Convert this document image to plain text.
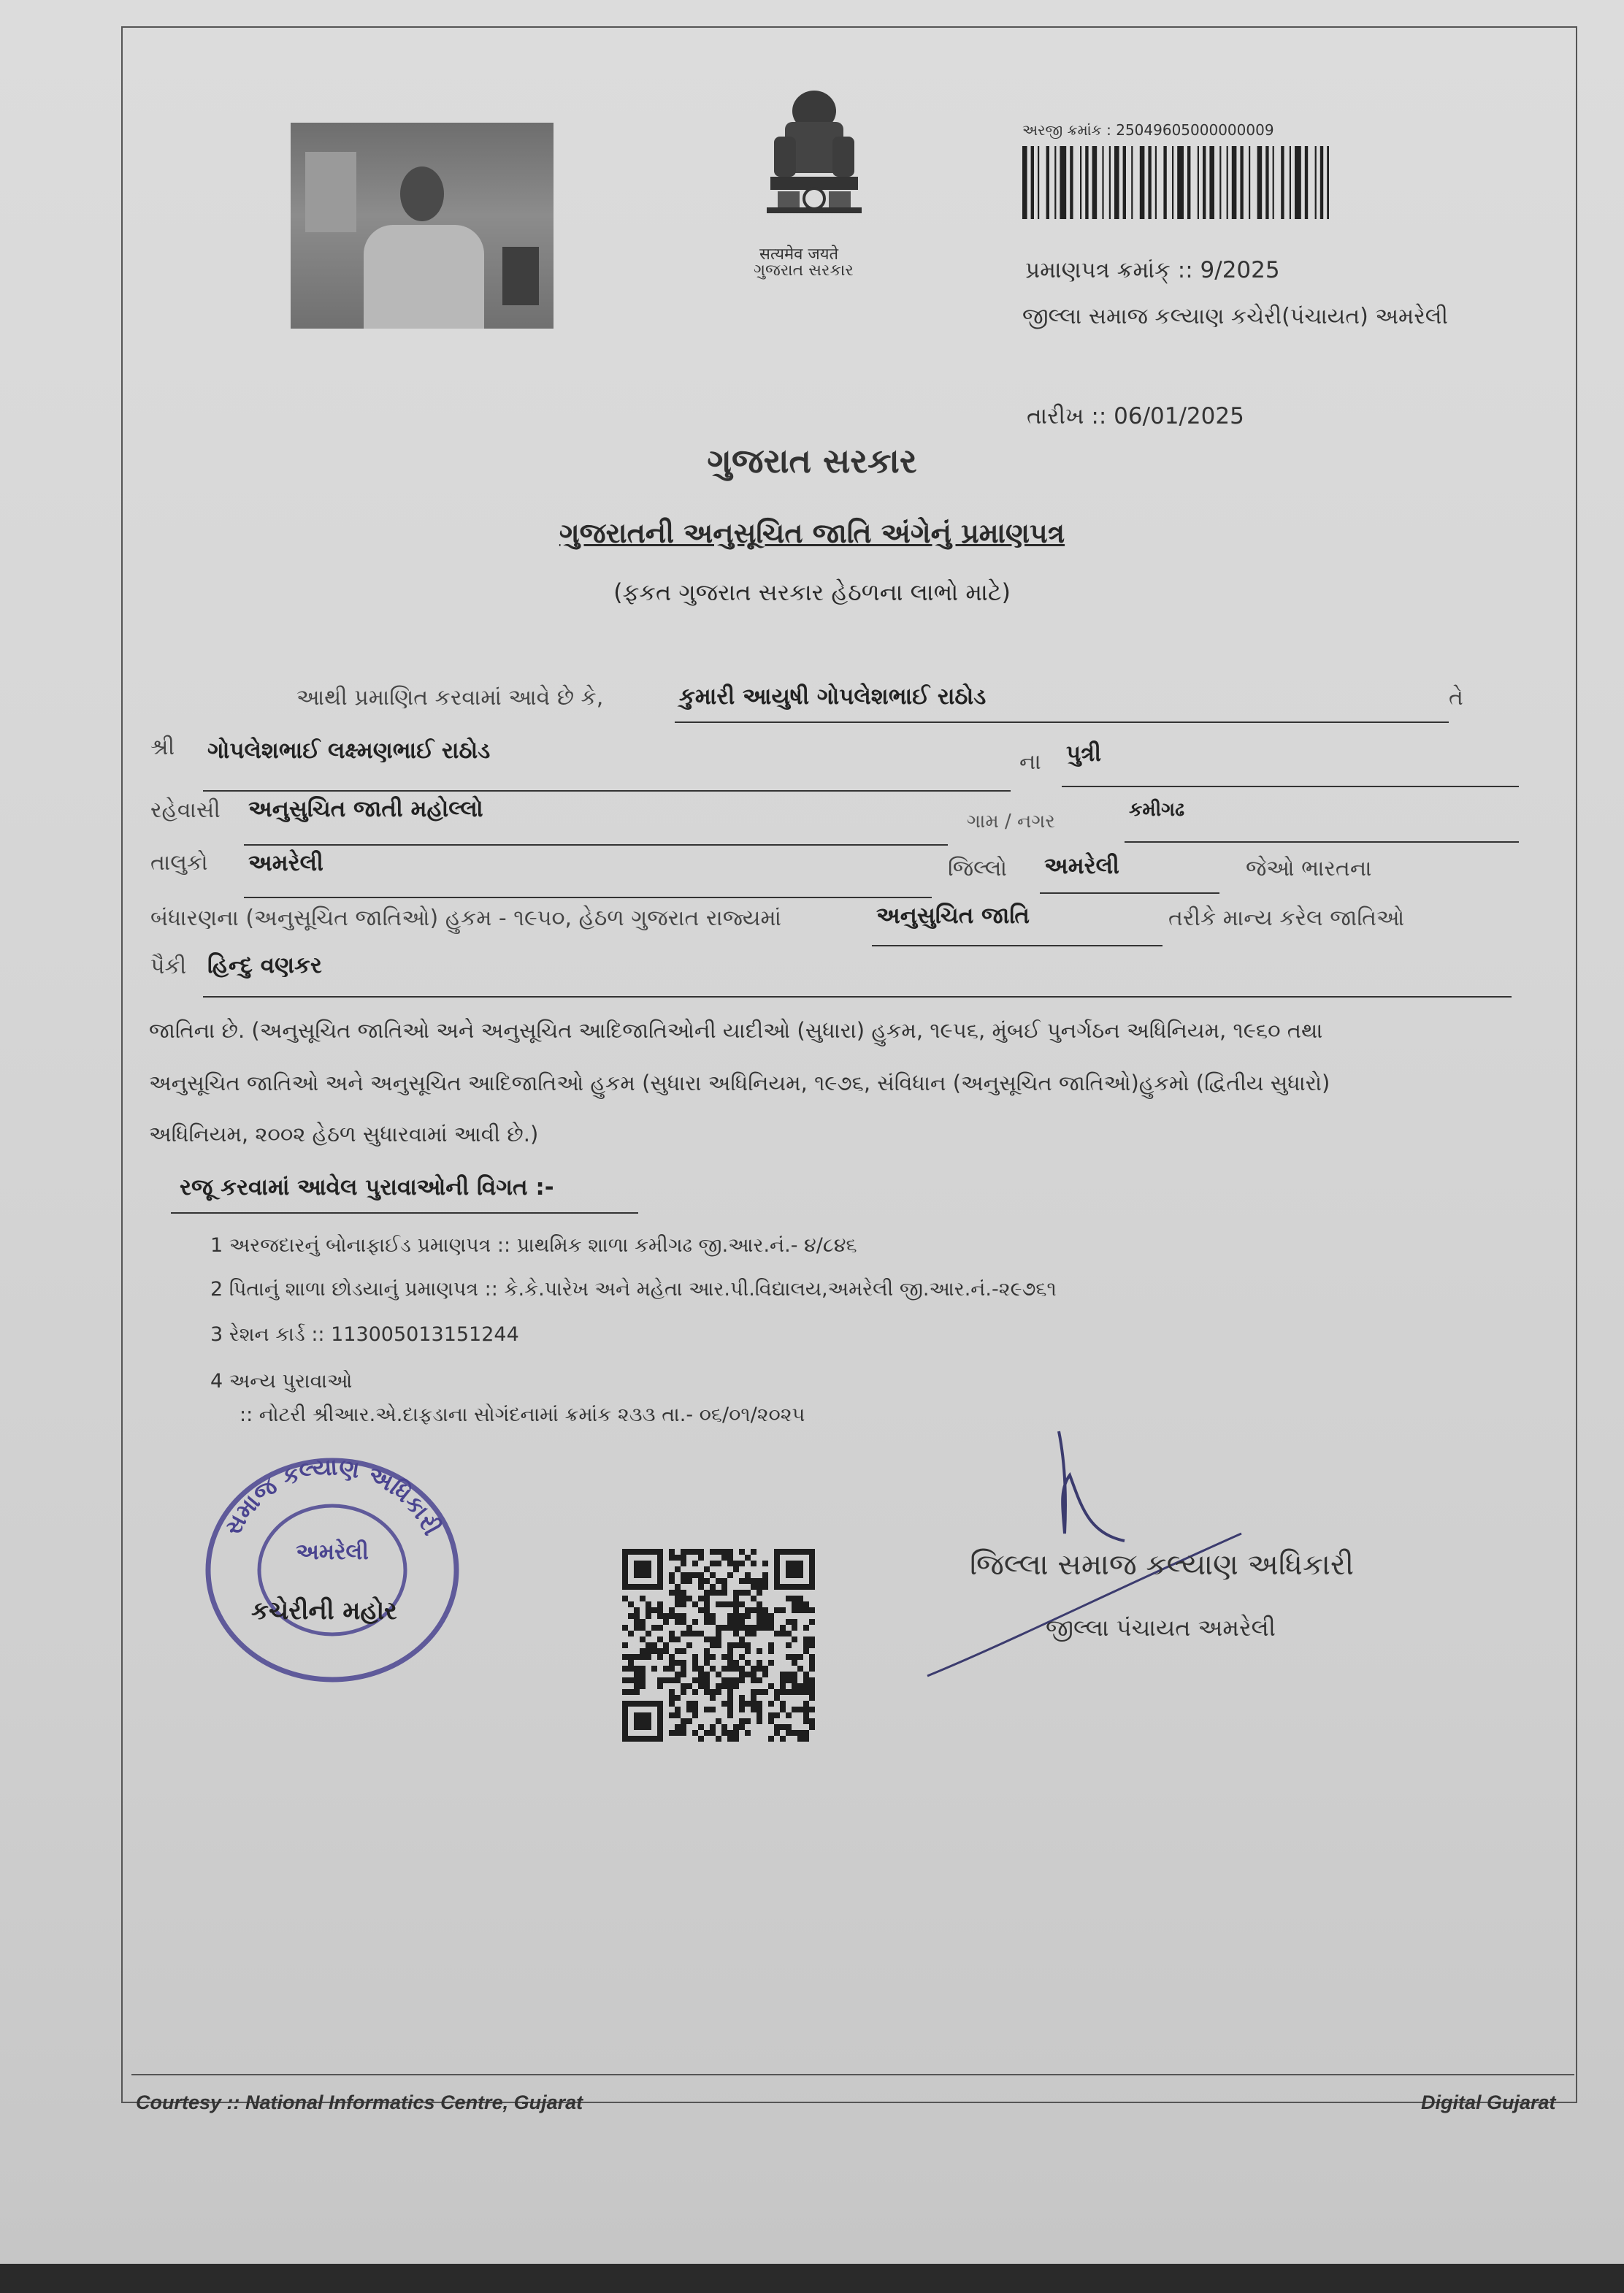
सत्यमेव जयते
ગુજરાત સરકાર
અરજી ક્રમાંક : 25049605000000009
પ્રમાણપત્ર ક્રમાંક્ :: 9/2025
જીલ્લા સમાજ કલ્યાણ કચેરી(પંચાયત) અમરેલી
તારીખ :: 06/01/2025
ગુજરાત સરકાર
ગુજરાતની અનુસૂચિત જાતિ અંગેનું પ્રમાણપત્ર
(ફકત ગુજરાત સરકાર હેઠળના લાભો માટે)
આથી પ્રમાણિત કરવામાં આવે છે કે,	કુમારી આયુષી ગોપલેશભાઈ રાઠોડ	તે
શ્રી ગોપલેશભાઈ લક્ષ્મણભાઈ રાઠોડ	ના પુત્રી
રહેવાસી અનુસુચિત જાતી મહોલ્લો	ગામ / નગર
કમીગઢ
તાલુકો અમરેલી	જિલ્લો અમરેલી	જેઓ ભારતના
બંધારણના (અનુસૂચિત જાતિઓ) હુકમ - ૧૯૫૦, હેઠળ ગુજરાત રાજ્યમાં	અનુસુચિત જાતિ	તરીકે માન્ય કરેલ જાતિઓ
પૈકી હિન્દુ વણકર
જાતિના છે. (અનુસૂચિત જાતિઓ અને અનુસૂચિત આદિજાતિઓની યાદીઓ (સુધારા) હુકમ, ૧૯૫૬, મુંબઈ પુનર્ગઠન અધિનિયમ, ૧૯૬૦ તથા
અનુસૂચિત જાતિઓ અને અનુસૂચિત આદિજાતિઓ હુકમ (સુધારા અધિનિયમ, ૧૯૭૬, સંવિધાન (અનુસૂચિત જાતિઓ)હુકમો (દ્વિતીય સુધારો)
અધિનિયમ, ૨૦૦૨ હેઠળ સુધારવામાં આવી છે.)
રજૂ કરવામાં આવેલ પુરાવાઓની વિગત :-
1 અરજદારનું બોનાફાઈડ પ્રમાણપત્ર :: પ્રાથમિક શાળા કમીગઢ જી.આર.નં.- ૪/૮૪૬
2 પિતાનું શાળા છોડયાનું પ્રમાણપત્ર :: કે.કે.પારેખ અને મહેતા આર.પી.વિદ્યાલય,અમરેલી જી.આર.નં.-૨૯૭૬૧
3 રેશન કાર્ડ :: 113005013151244
4 અન્ય પુરાવાઓ
:: નોટરી શ્રીઆર.એ.દાફડાના સોગંદનામાં ક્રમાંક ૨૩૩ તા.- ૦૬/૦૧/૨૦૨૫
સમાજ કલ્યાણ અધિકારી
અમરેલી
કચેરીની મહોર
જિલ્લા સમાજ કલ્યાણ અધિકારી
જીલ્લા પંચાયત અમરેલી
Courtesy :: National Informatics Centre, Gujarat	Digital Gujarat
